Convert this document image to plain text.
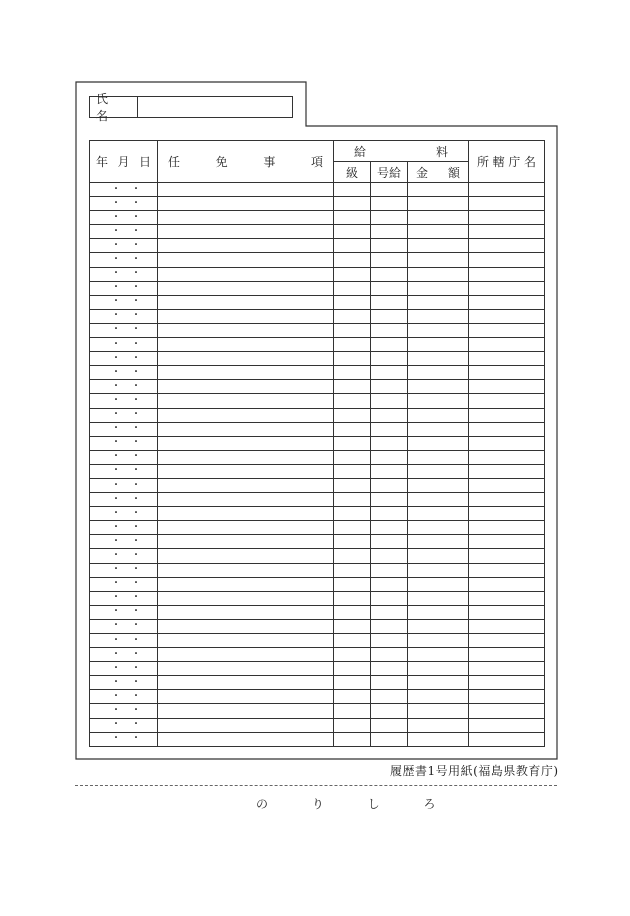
氏 名
年 月 日	任 免 事 項	給 料			所 轄 庁 名

		級	号給	金 額	

・ ・					

・ ・					

・ ・					

・ ・					

・ ・					

・ ・					

・ ・					

・ ・					

・ ・					

・ ・					

・ ・					

・ ・					

・ ・					

・ ・					

・ ・					

・ ・					

・ ・					

・ ・					

・ ・					

・ ・					

・ ・					

・ ・					

・ ・					

・ ・					

・ ・					

・ ・					

・ ・					

・ ・					

・ ・					

・ ・					

・ ・					

・ ・					

・ ・					

・ ・					

・ ・					

・ ・					

・ ・					

・ ・					

・ ・					

・ ・					

履歴書1号用紙(福島県教育庁)
の り し ろ
